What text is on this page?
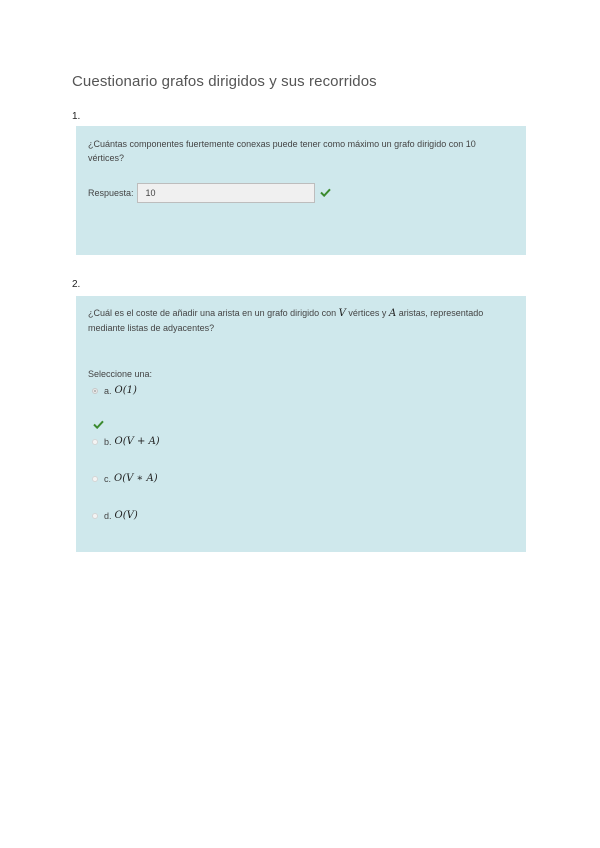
Cuestionario grafos dirigidos y sus recorridos
1.
¿Cuántas componentes fuertemente conexas puede tener como máximo un grafo dirigido con 10 vértices?
Respuesta: 10
2.
¿Cuál es el coste de añadir una arista en un grafo dirigido con V vértices y A aristas, representado mediante listas de adyacentes?
Seleccione una:
a. O(1)
b. O(V + A)
c. O(V ∗ A)
d. O(V)
